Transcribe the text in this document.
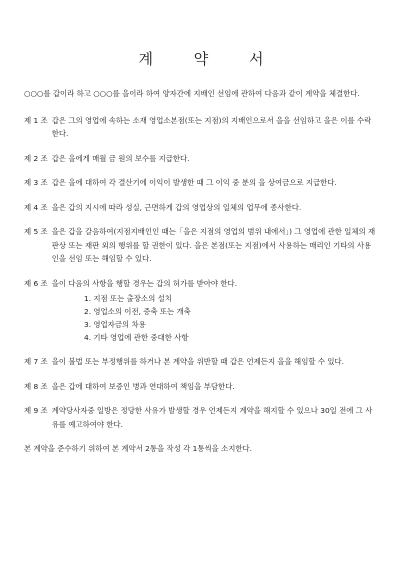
계 약 서

○○○를 갑이라 하고 ○○○를 을이라 하여 양자간에 지배인 선임에 관하여 다음과 같이 계약을 체결한다.

제 1 조 갑은 그의 영업에 속하는 소재 영업소본점(또는 지점)의 지배인으로서 을을 선임하고 을은 이를 수락한다.
제 2 조 갑은 을에게 매월 금 원의 보수를 지급한다.
제 3 조 갑은 을에 대하여 각 결산기에 이익이 발생한 때 그 이익 중 분의 을 상여금으로 지급한다.
제 4 조 을은 갑의 지시에 따라 성실, 근면하게 갑의 영업상의 일체의 업무에 종사한다.
제 5 조 을은 갑을 갈음하여(지점지배인인 때는「을은 지점의 영업의 범위 내에서」) 그 영업에 관한 일체의 재판상 또는 재판 외의 행위를 할 권한이 있다. 을은 본점(또는 지점)에서 사용하는 매리인 기타의 사용인을 선임 또는 해임할 수 있다.
제 6 조 을이 다음의 사항을 행할 경우는 갑의 허가를 받아야 한다.
1. 지점 또는 출장소의 설치
2. 영업소의 이전, 증축 또는 개축
3. 영업자금의 차용
4. 기타 영업에 관한 중대한 사항
제 7 조 을이 불법 또는 부정행위를 하거나 본 계약을 위반할 때 갑은 언제든지 을을 해임할 수 있다.
제 8 조 을은 갑에 대하여 보증인 병과 연대하여 책임을 부담한다.
제 9 조 계약당사자중 일방은 정당한 사유가 발생할 경우 언제든지 계약을 해지할 수 있으나 30일 전에 그 사유를 예고하여야 한다.

본 계약을 준수하기 위하여 본 계약서 2통을 작성 각 1통씩을 소지한다.
